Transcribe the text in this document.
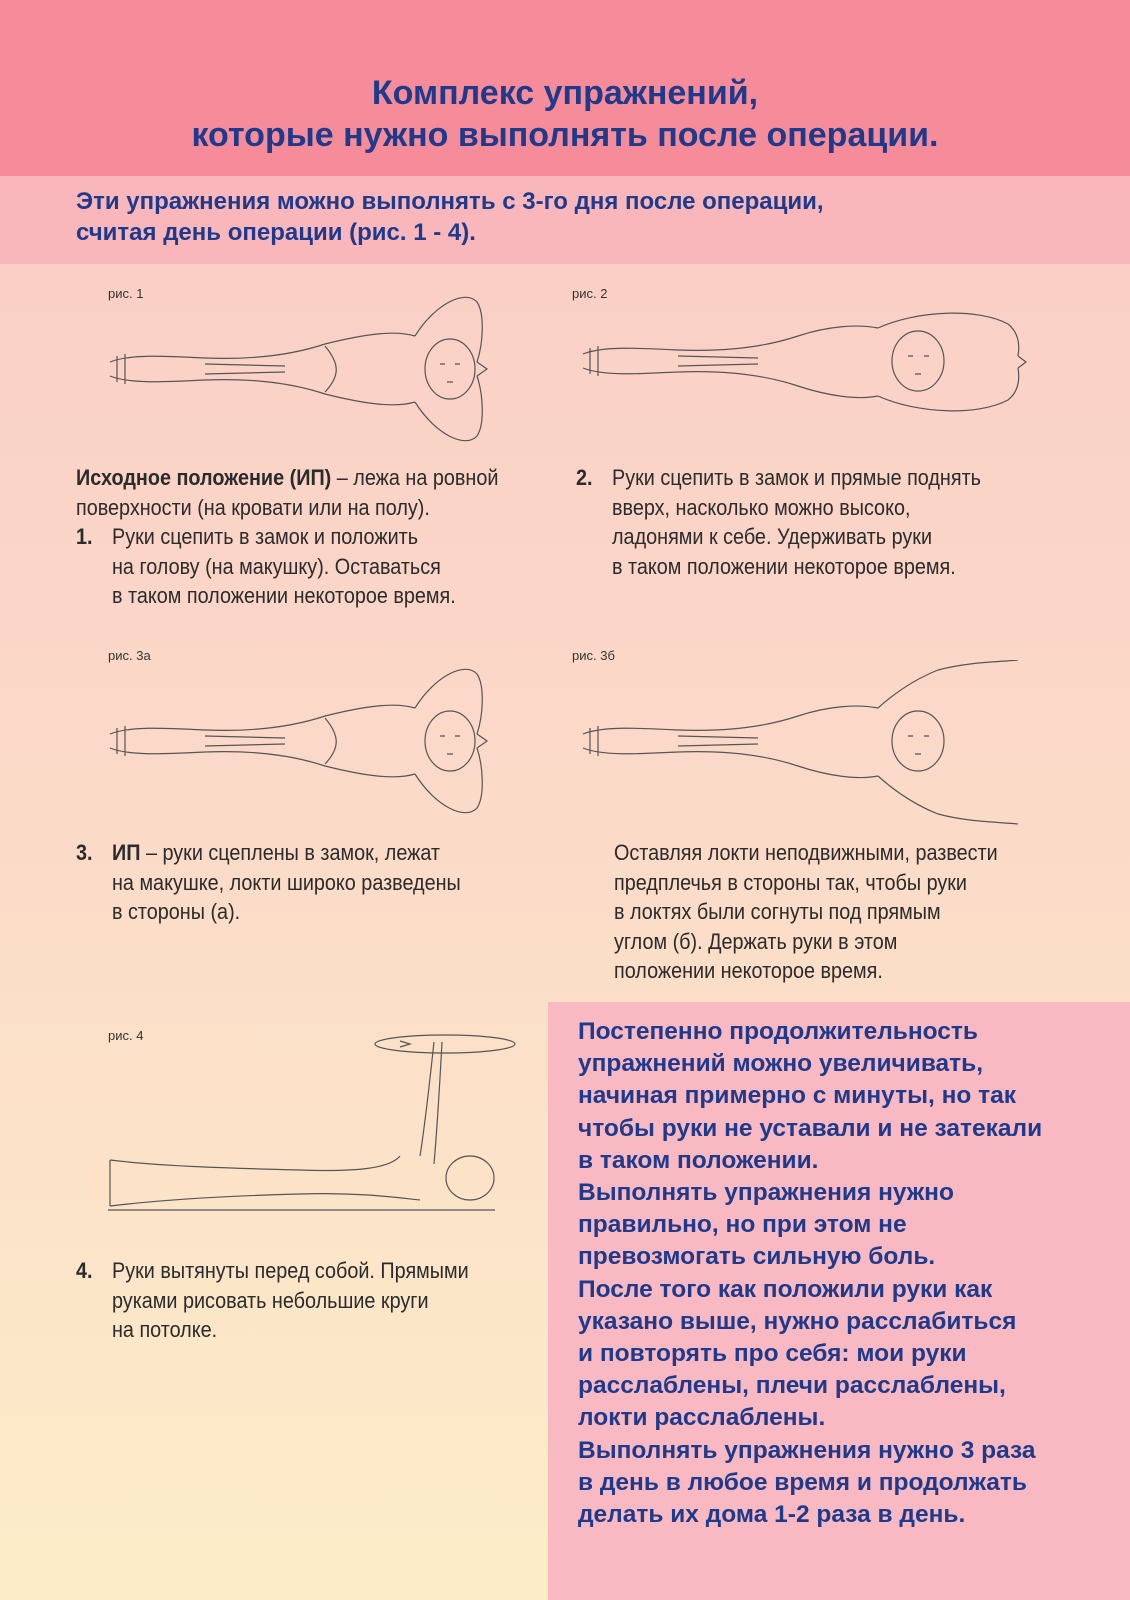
Комплекс упражнений,
которые нужно выполнять после операции.
Эти упражнения можно выполнять с 3-го дня после операции,
считая день операции (рис. 1 - 4).
рис. 1	рис. 2
Исходное положение (ИП) – лежа на ровной
поверхности (на кровати или на полу).
1. Руки сцепить в замок и положить
на голову (на макушку). Оставаться
в таком положении некоторое время.
2. Руки сцепить в замок и прямые поднять
вверх, насколько можно высоко,
ладонями к себе. Удерживать руки
в таком положении некоторое время.
рис. 3а	рис. 3б
3. ИП – руки сцеплены в замок, лежат
на макушке, локти широко разведены
в стороны (а).
Оставляя локти неподвижными, развести
предплечья в стороны так, чтобы руки
в локтях были согнуты под прямым
углом (б). Держать руки в этом
положении некоторое время.
рис. 4
4. Руки вытянуты перед собой. Прямыми
руками рисовать небольшие круги
на потолке.
Постепенно продолжительность
упражнений можно увеличивать,
начиная примерно с минуты, но так
чтобы руки не уставали и не затекали
в таком положении.
Выполнять упражнения нужно
правильно, но при этом не
превозмогать сильную боль.
После того как положили руки как
указано выше, нужно расслабиться
и повторять про себя: мои руки
расслаблены, плечи расслаблены,
локти расслаблены.
Выполнять упражнения нужно 3 раза
в день в любое время и продолжать
делать их дома 1-2 раза в день.
